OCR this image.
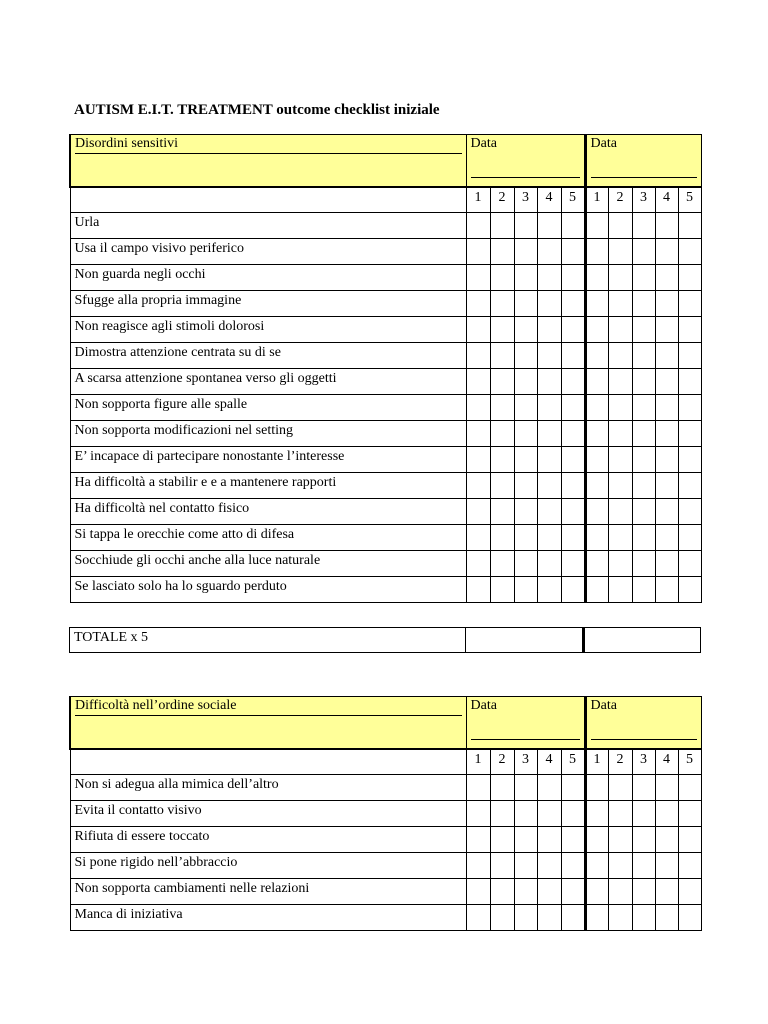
AUTISM E.I.T. TREATMENT outcome checklist iniziale
Disordini sensitivi	Data					Data				

	1	2	3	4	5	1	2	3	4	5
Urla										
Usa il campo visivo periferico										
Non guarda negli occhi										
Sfugge alla propria immagine										
Non reagisce agli stimoli dolorosi										
Dimostra attenzione centrata su di se										
A scarsa attenzione spontanea verso gli oggetti										
Non sopporta figure alle spalle										
Non sopporta modificazioni nel setting										
E’ incapace di partecipare nonostante l’interesse										
Ha difficoltà a stabilir e e a mantenere rapporti										
Ha difficoltà nel contatto fisico										
Si tappa le orecchie come atto di difesa										
Socchiude gli occhi anche alla luce naturale										
Se lasciato solo ha lo sguardo perduto										
TOTALE x 5		
Difficoltà nell’ordine sociale	Data					Data				

	1	2	3	4	5	1	2	3	4	5
Non si adegua alla mimica dell’altro										
Evita il contatto visivo										
Rifiuta di essere toccato										
Si pone rigido nell’abbraccio										
Non sopporta cambiamenti nelle relazioni										
Manca di iniziativa										
